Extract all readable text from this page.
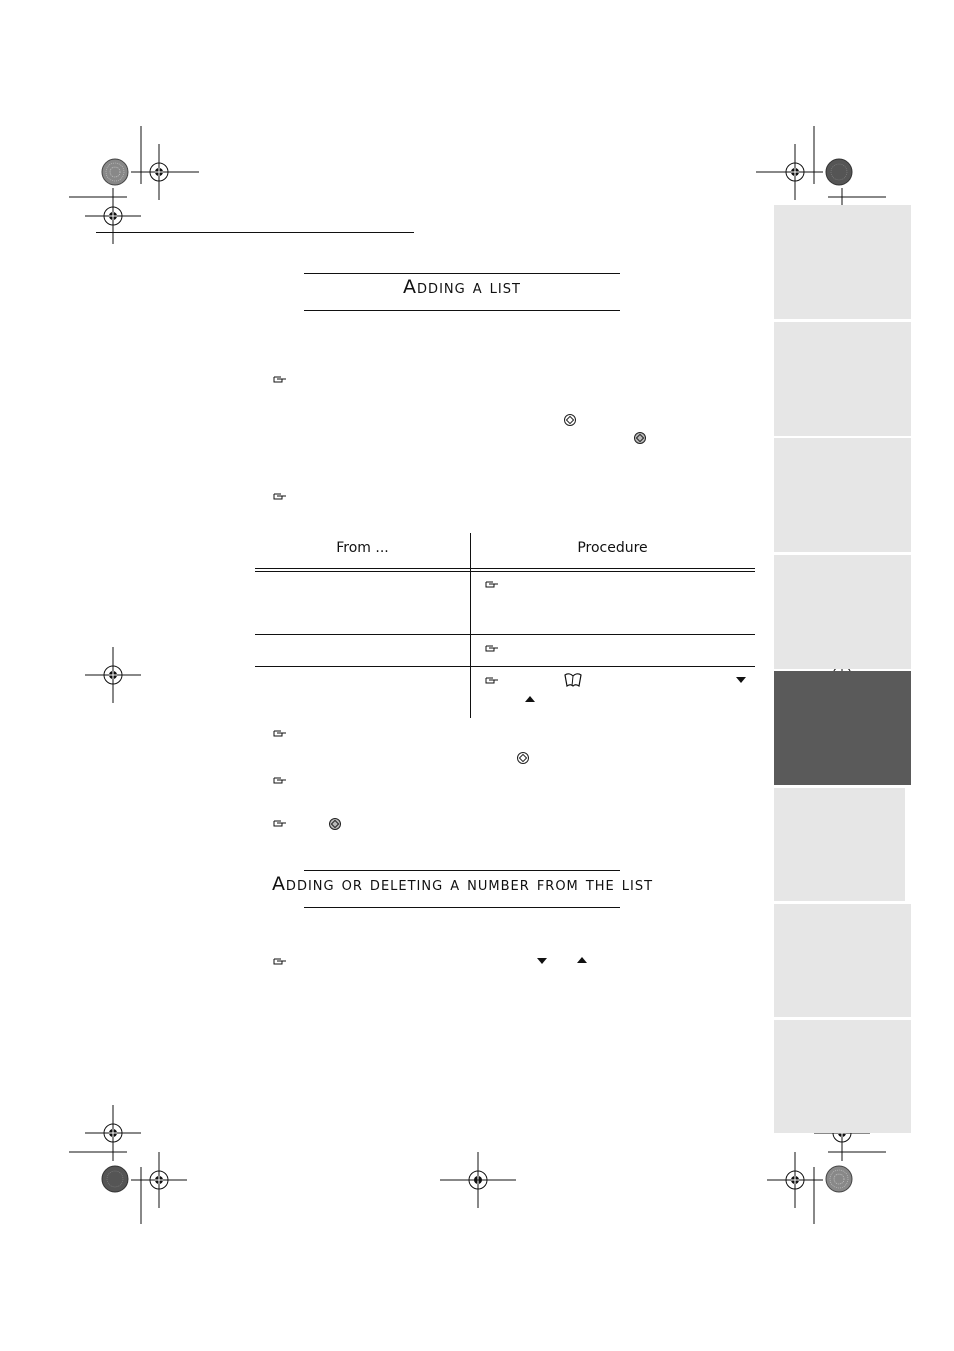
Adding a list
From ...	Procedure
Adding or deleting a number from the list
